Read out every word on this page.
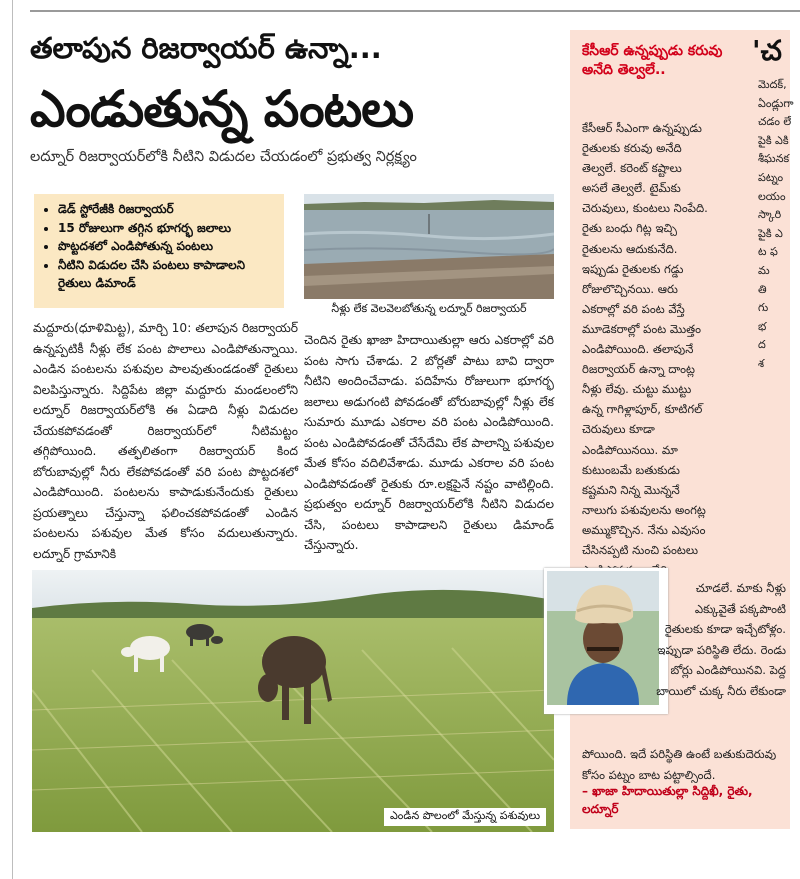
తలాపున రిజర్వాయర్ ఉన్నా...
ఎండుతున్న పంటలు
లద్నూర్ రిజర్వాయర్‌లోకి నీటిని విడుదల చేయడంలో ప్రభుత్వ నిర్లక్ష్యం
• డెడ్ స్టోరేజీకి రిజర్వాయర్
• 15 రోజులుగా తగ్గిన భూగర్భ జలాలు
• పొట్టదశలో ఎండిపోతున్న పంటలు
• నీటిని విడుదల చేసి పంటలు కాపాడాలని రైతులు డిమాండ్
నీళ్లు లేక వెలవెలబోతున్న లద్నూర్ రిజర్వాయర్
మద్దూరు(ధూళిమిట్ట), మార్చి 10: తలాపున రిజర్వాయర్ ఉన్నప్పటికీ నీళ్లు లేక పంట పొలాలు ఎండిపోతున్నాయి. ఎండిన పంటలను పశువుల పాలవుతుండడంతో రైతులు విలపిస్తున్నారు. సిద్దిపేట జిల్లా మద్దూరు మండలంలోని లద్నూర్ రిజర్వాయర్‌లోకి ఈ ఏడాది నీళ్లు విడుదల చేయకపోవడంతో రిజర్వాయర్‌లో నీటిమట్టం తగ్గిపోయింది. తత్ఫలితంగా రిజర్వాయర్ కింద బోరుబావుల్లో నీరు లేకపోవడంతో వరి పంట పొట్టదశలో ఎండిపోయింది. పంటలను కాపాడుకునేందుకు రైతులు ప్రయత్నాలు చేస్తున్నా ఫలించకపోవడంతో ఎండిన పంటలను పశువుల మేత కోసం వదులుతున్నారు. లద్నూర్ గ్రామానికి
చెందిన రైతు ఖాజా హిదాయితుల్లా ఆరు ఎకరాల్లో వరి పంట సాగు చేశాడు. 2 బోర్లతో పాటు బావి ద్వారా నీటిని అందించేవాడు. పదిహేను రోజులుగా భూగర్భ జలాలు అడుగంటి పోవడంతో బోరుబావుల్లో నీళ్లు లేక సుమారు మూడు ఎకరాల వరి పంట ఎండిపోయింది. పంట ఎండిపోవడంతో చేసేదేమి లేక పాలాన్ని పశువుల మేత కోసం వదిలివేశాడు. మూడు ఎకరాల వరి పంట ఎండిపోవడంతో రైతుకు రూ.లక్షపైనే నష్టం వాటిల్లింది. ప్రభుత్వం లద్నూర్ రిజర్వాయర్‌లోకి నీటిని విడుదల చేసి, పంటలు కాపాడాలని రైతులు డిమాండ్ చేస్తున్నారు.
ఎండిన పొలంలో మేస్తున్న పశువులు
కేసీఆర్ ఉన్నప్పుడు కరువు అనేది తెల్వలే..
కేసీఆర్ సీఎంగా ఉన్నప్పుడు రైతులకు కరువు అనేది తెల్వలే. కరెంట్ కష్టాలు అసలే తెల్వలే. టైమ్‌కు చెరువులు, కుంటలు నింపేది. రైతు బంధు గిట్ల ఇచ్చి రైతులను ఆదుకునేది. ఇప్పుడు రైతులకు గడ్డు రోజులొచ్చినయి. ఆరు ఎకరాల్లో వరి పంట వేస్తే మూడెకరాల్లో పంట మొత్తం ఎండిపోయింది. తలాపునే రిజర్వాయర్ ఉన్నా దాంట్ల నీళ్లు లేవు. చుట్టు ముట్టు ఉన్న గాగిళ్లాపూర్, కూటిగల్ చెరువులు కూడా ఎండిపోయినయి. మా కుటుంబమే బతుకుడు కష్టమని నిన్న మొన్ననే నాలుగు పశువులను అంగట్ల అమ్ముకొచ్చిన. నేను ఎవుసం చేసినప్పటి నుంచి పంటలు
చూడలే. మాకు నీళ్లు ఎక్కువైతే పక్కపొంటి రైతులకు కూడా ఇచ్చేటోళ్లం. ఇప్పుడా పరిస్థితి లేదు. రెండు బోర్లు ఎండిపోయినవి. పెద్ద బాయిలో చుక్క నీరు లేకుండా
పోయింది. ఇదే పరిస్థితి ఉంటే బతుకుదెరువు కోసం పట్నం బాట పట్టాల్సిందే.
– ఖాజా హిదాయితుల్లా సిద్దిఖీ, రైతు, లద్నూర్
'చ
మెదక్,
ఏండ్లుగా
చడం లే
పైకి ఎకి
శీఘనక
పట్నం
లయం
స్కారి
పైకి ఎ
ట ఫ
మ
తి
గు
భ
ద
శ
